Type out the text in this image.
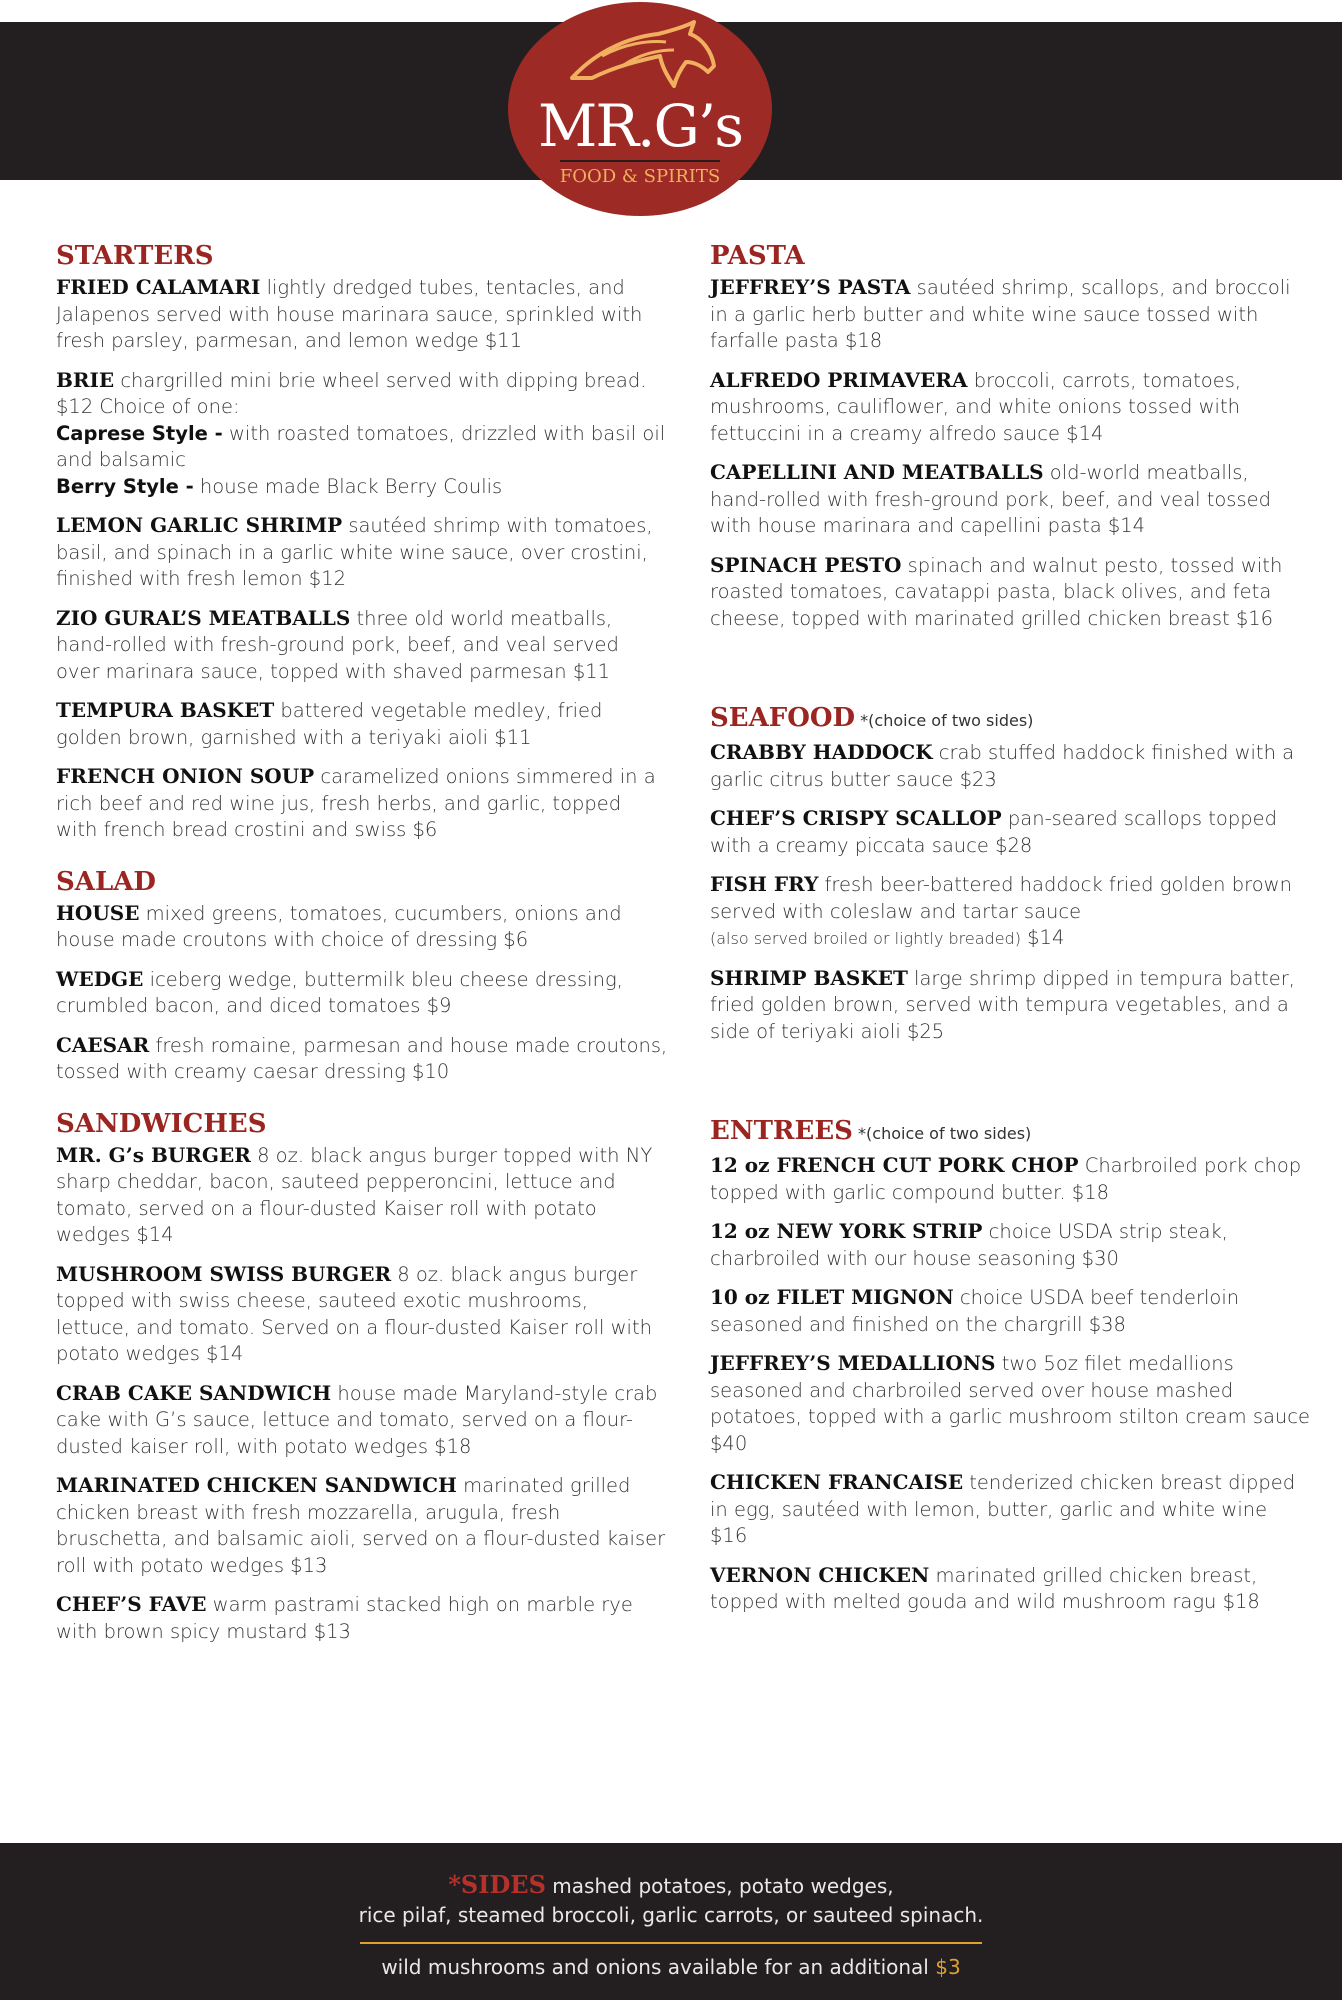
MR.G’s
FOOD & SPIRITS
STARTERS
FRIED CALAMARI lightly dredged tubes, tentacles, and Jalapenos served with house marinara sauce, sprinkled with fresh parsley, parmesan, and lemon wedge $11
BRIE chargrilled mini brie wheel served with dipping bread. $12 Choice of one:
Caprese Style - with roasted tomatoes, drizzled with basil oil and balsamic
Berry Style - house made Black Berry Coulis
LEMON GARLIC SHRIMP sautéed shrimp with tomatoes, basil, and spinach in a garlic white wine sauce, over crostini, finished with fresh lemon $12
ZIO GURAL’S MEATBALLS three old world meatballs, hand-rolled with fresh-ground pork, beef, and veal served over marinara sauce, topped with shaved parmesan $11
TEMPURA BASKET battered vegetable medley, fried golden brown, garnished with a teriyaki aioli $11
FRENCH ONION SOUP caramelized onions simmered in a rich beef and red wine jus, fresh herbs, and garlic, topped with french bread crostini and swiss $6
SALAD
HOUSE mixed greens, tomatoes, cucumbers, onions and house made croutons with choice of dressing $6
WEDGE iceberg wedge, buttermilk bleu cheese dressing, crumbled bacon, and diced tomatoes $9
CAESAR fresh romaine, parmesan and house made croutons, tossed with creamy caesar dressing $10
SANDWICHES
MR. G’s BURGER 8 oz. black angus burger topped with NY sharp cheddar, bacon, sauteed pepperoncini, lettuce and tomato, served on a flour-dusted Kaiser roll with potato wedges $14
MUSHROOM SWISS BURGER 8 oz. black angus burger topped with swiss cheese, sauteed exotic mushrooms, lettuce, and tomato. Served on a flour-dusted Kaiser roll with potato wedges $14
CRAB CAKE SANDWICH house made Maryland-style crab cake with G’s sauce, lettuce and tomato, served on a flour-dusted kaiser roll, with potato wedges $18
MARINATED CHICKEN SANDWICH marinated grilled chicken breast with fresh mozzarella, arugula, fresh bruschetta, and balsamic aioli, served on a flour-dusted kaiser roll with potato wedges $13
CHEF’S FAVE warm pastrami stacked high on marble rye with brown spicy mustard $13
PASTA
JEFFREY’S PASTA sautéed shrimp, scallops, and broccoli in a garlic herb butter and white wine sauce tossed with farfalle pasta $18
ALFREDO PRIMAVERA broccoli, carrots, tomatoes, mushrooms, cauliflower, and white onions tossed with fettuccini in a creamy alfredo sauce $14
CAPELLINI AND MEATBALLS old-world meatballs, hand-rolled with fresh-ground pork, beef, and veal tossed with house marinara and capellini pasta $14
SPINACH PESTO spinach and walnut pesto, tossed with roasted tomatoes, cavatappi pasta, black olives, and feta cheese, topped with marinated grilled chicken breast $16
SEAFOOD *(choice of two sides)
CRABBY HADDOCK crab stuffed haddock finished with a garlic citrus butter sauce $23
CHEF’S CRISPY SCALLOP pan-seared scallops topped with a creamy piccata sauce $28
FISH FRY fresh beer-battered haddock fried golden brown served with coleslaw and tartar sauce
(also served broiled or lightly breaded) $14
SHRIMP BASKET large shrimp dipped in tempura batter, fried golden brown, served with tempura vegetables, and a side of teriyaki aioli $25
ENTREES *(choice of two sides)
12 oz FRENCH CUT PORK CHOP Charbroiled pork chop topped with garlic compound butter. $18
12 oz NEW YORK STRIP choice USDA strip steak, charbroiled with our house seasoning $30
10 oz FILET MIGNON choice USDA beef tenderloin seasoned and finished on the chargrill $38
JEFFREY’S MEDALLIONS two 5oz filet medallions seasoned and charbroiled served over house mashed potatoes, topped with a garlic mushroom stilton cream sauce $40
CHICKEN FRANCAISE tenderized chicken breast dipped in egg, sautéed with lemon, butter, garlic and white wine $16
VERNON CHICKEN marinated grilled chicken breast, topped with melted gouda and wild mushroom ragu $18
*SIDES mashed potatoes, potato wedges,
rice pilaf, steamed broccoli, garlic carrots, or sauteed spinach.
wild mushrooms and onions available for an additional $3
